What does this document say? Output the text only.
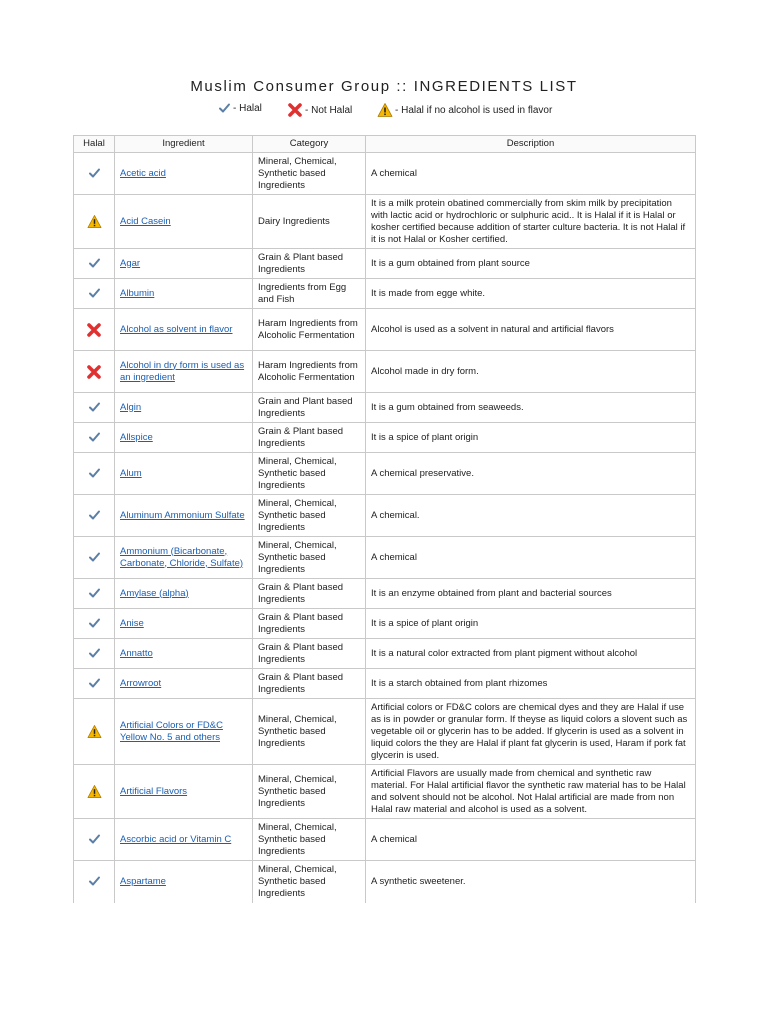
Muslim Consumer Group :: INGREDIENTS LIST
- Halal	- Not Halal	- Halal if no alcohol is used in flavor
Halal	Ingredient	Category	Description
	Acetic acid	Mineral, Chemical, Synthetic based Ingredients	A chemical
	Acid Casein	Dairy Ingredients	It is a milk protein obatined commercially from skim milk by precipitation with lactic acid or hydrochloric or sulphuric acid.. It is Halal if it is Halal or kosher certified because addition of starter culture bacteria. It is not Halal if it is not Halal or Kosher certified.
	Agar	Grain & Plant based Ingredients	It is a gum obtained from plant source
	Albumin	Ingredients from Egg and Fish	It is made from egge white.
	Alcohol as solvent in flavor	Haram Ingredients from Alcoholic Fermentation	Alcohol is used as a solvent in natural and artificial flavors
	Alcohol in dry form is used as an ingredient	Haram Ingredients from Alcoholic Fermentation	Alcohol made in dry form.
	Algin	Grain and Plant based Ingredients	It is a gum obtained from seaweeds.
	Allspice	Grain & Plant based Ingredients	It is a spice of plant origin
	Alum	Mineral, Chemical, Synthetic based Ingredients	A chemical preservative.
	Aluminum Ammonium Sulfate	Mineral, Chemical, Synthetic based Ingredients	A chemical.
	Ammonium (Bicarbonate, Carbonate, Chloride, Sulfate)	Mineral, Chemical, Synthetic based Ingredients	A chemical
	Amylase (alpha)	Grain & Plant based Ingredients	It is an enzyme obtained from plant and bacterial sources
	Anise	Grain & Plant based Ingredients	It is a spice of plant origin
	Annatto	Grain & Plant based Ingredients	It is a natural color extracted from plant pigment without alcohol
	Arrowroot	Grain & Plant based Ingredients	It is a starch obtained from plant rhizomes
	Artificial Colors or FD&C Yellow No. 5 and others	Mineral, Chemical, Synthetic based Ingredients	Artificial colors or FD&C colors are chemical dyes and they are Halal if use as is in powder or granular form. If theyse as liquid colors a slovent such as vegetable oil or glycerin has to be added. If glycerin is used as a solvent in liquid colors the they are Halal if plant fat glycerin is used, Haram if pork fat glycerin is used.
	Artificial Flavors	Mineral, Chemical, Synthetic based Ingredients	Artificial Flavors are usually made from chemical and synthetic raw material. For Halal artificial flavor the synthetic raw material has to be Halal and solvent should not be alcohol. Not Halal artificial are made from non Halal raw material and alcohol is used as a solvent.
	Ascorbic acid or Vitamin C	Mineral, Chemical, Synthetic based Ingredients	A chemical
	Aspartame	Mineral, Chemical, Synthetic based Ingredients	A synthetic sweetener.
